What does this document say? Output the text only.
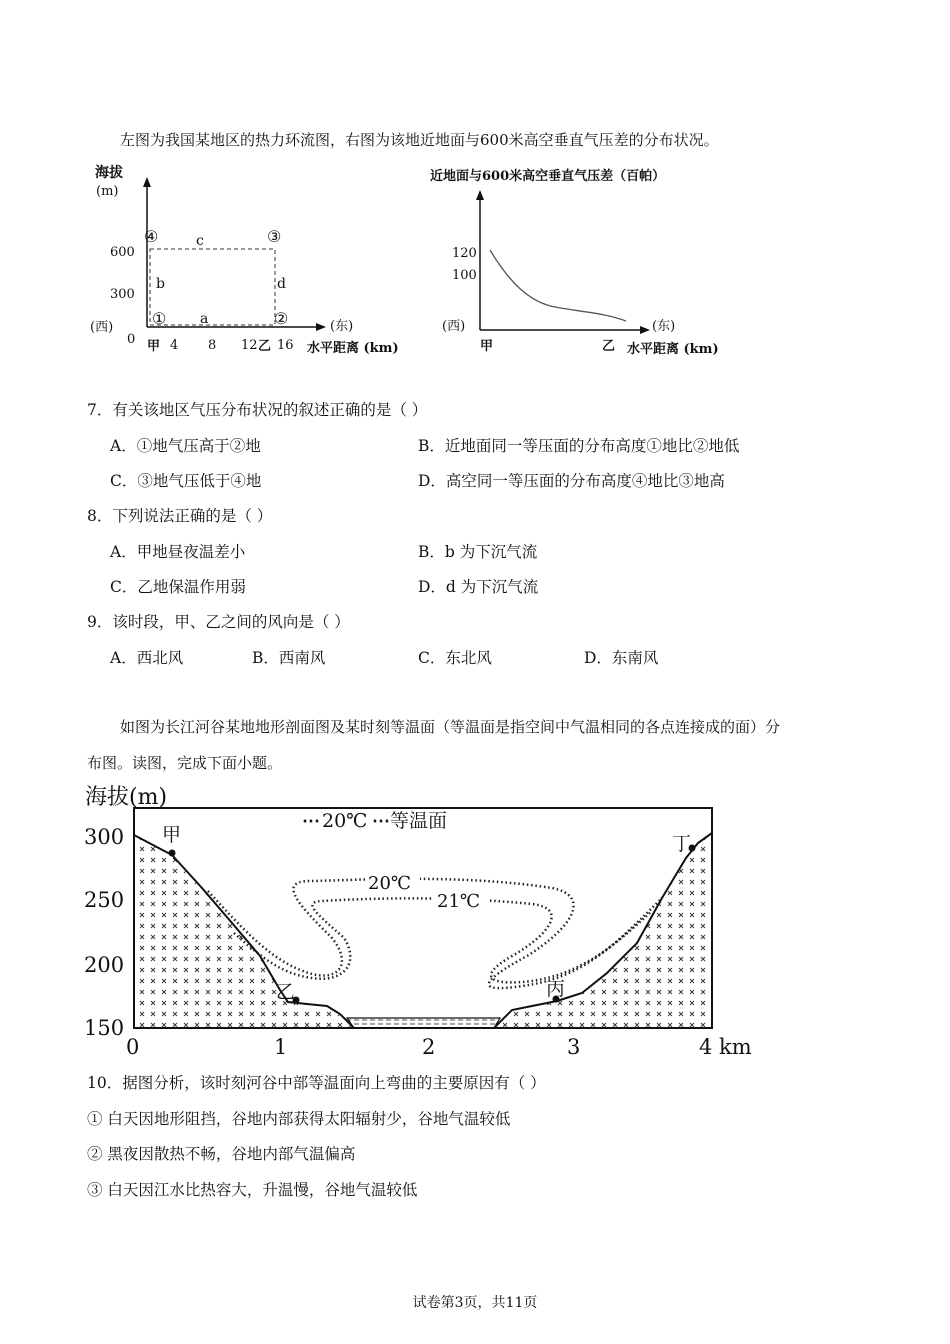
左图为我国某地区的热力环流图，右图为该地近地面与600米高空垂直气压差的分布状况。
海拔
(m)
600
300
0
④	③
①	②
c
b	d
a
(西)	(东)
甲 4 8 12 乙 16 水平距离 (km)
近地面与600米高空垂直气压差（百帕）
120
100
(西)	(东)
甲	乙 水平距离 (km)
7．有关该地区气压分布状况的叙述正确的是（ ）
A．①地气压高于②地	B．近地面同一等压面的分布高度①地比②地低
C．③地气压低于④地	D．高空同一等压面的分布高度④地比③地高
8．下列说法正确的是（ ）
A．甲地昼夜温差小	B．b 为下沉气流
C．乙地保温作用弱	D．d 为下沉气流
9．该时段，甲、乙之间的风向是（ ）
A．西北风	B．西南风	C．东北风	D．东南风
如图为长江河谷某地地形剖面图及某时刻等温面（等温面是指空间中气温相同的各点连接成的面）分
布图。读图，完成下面小题。
海拔(m)
300
250
200
150
0	1	2	3	4 km
⋯ 20℃ ⋯ 等温面
20℃
21℃
甲
乙	丙
丁
10．据图分析，该时刻河谷中部等温面向上弯曲的主要原因有（ ）
① 白天因地形阻挡，谷地内部获得太阳辐射少，谷地气温较低
② 黑夜因散热不畅，谷地内部气温偏高
③ 白天因江水比热容大，升温慢，谷地气温较低
试卷第3页，共11页
